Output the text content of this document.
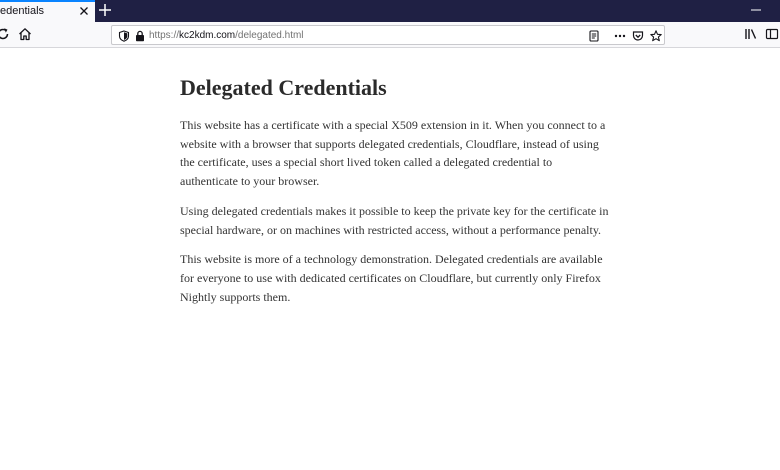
edentials
https://kc2kdm.com/delegated.html
Delegated Credentials

This website has a certificate with a special X509 extension in it. When you connect to a website with a browser that supports delegated credentials, Cloudflare, instead of using the certificate, uses a special short lived token called a delegated credential to authenticate to your browser.

Using delegated credentials makes it possible to keep the private key for the certificate in special hardware, or on machines with restricted access, without a performance penalty.

This website is more of a technology demonstration. Delegated credentials are available for everyone to use with dedicated certificates on Cloudflare, but currently only Firefox Nightly supports them.
